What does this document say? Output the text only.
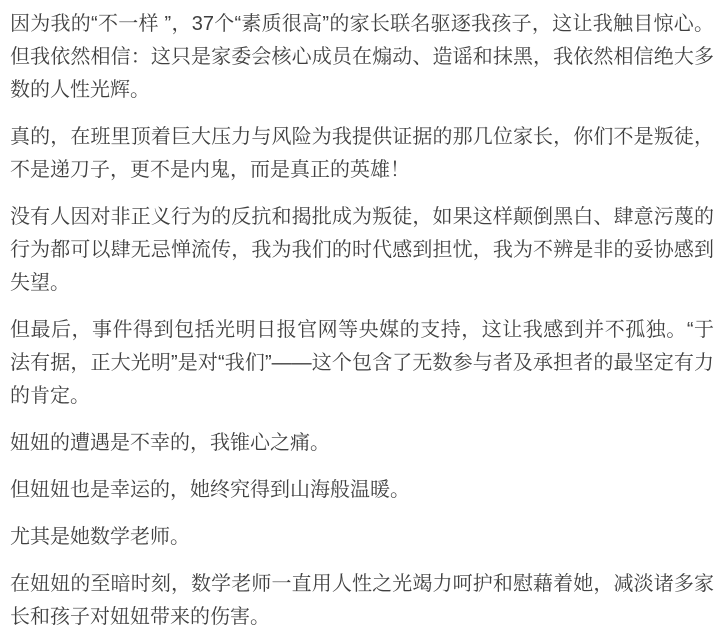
因为我的“不一样 ”，37个“素质很高”的家长联名驱逐我孩子，这让我触目惊心。但我依然相信：这只是家委会核心成员在煽动、造谣和抹黑，我依然相信绝大多数的人性光辉。

真的，在班里顶着巨大压力与风险为我提供证据的那几位家长，你们不是叛徒，不是递刀子，更不是内鬼，而是真正的英雄！

没有人因对非正义行为的反抗和揭批成为叛徒，如果这样颠倒黑白、肆意污蔑的行为都可以肆无忌惮流传，我为我们的时代感到担忧，我为不辨是非的妥协感到失望。

但最后，事件得到包括光明日报官网等央媒的支持，这让我感到并不孤独。“于法有据，正大光明”是对“我们”——这个包含了无数参与者及承担者的最坚定有力的肯定。

妞妞的遭遇是不幸的，我锥心之痛。

但妞妞也是幸运的，她终究得到山海般温暖。

尤其是她数学老师。

在妞妞的至暗时刻，数学老师一直用人性之光竭力呵护和慰藉着她，减淡诸多家长和孩子对妞妞带来的伤害。
